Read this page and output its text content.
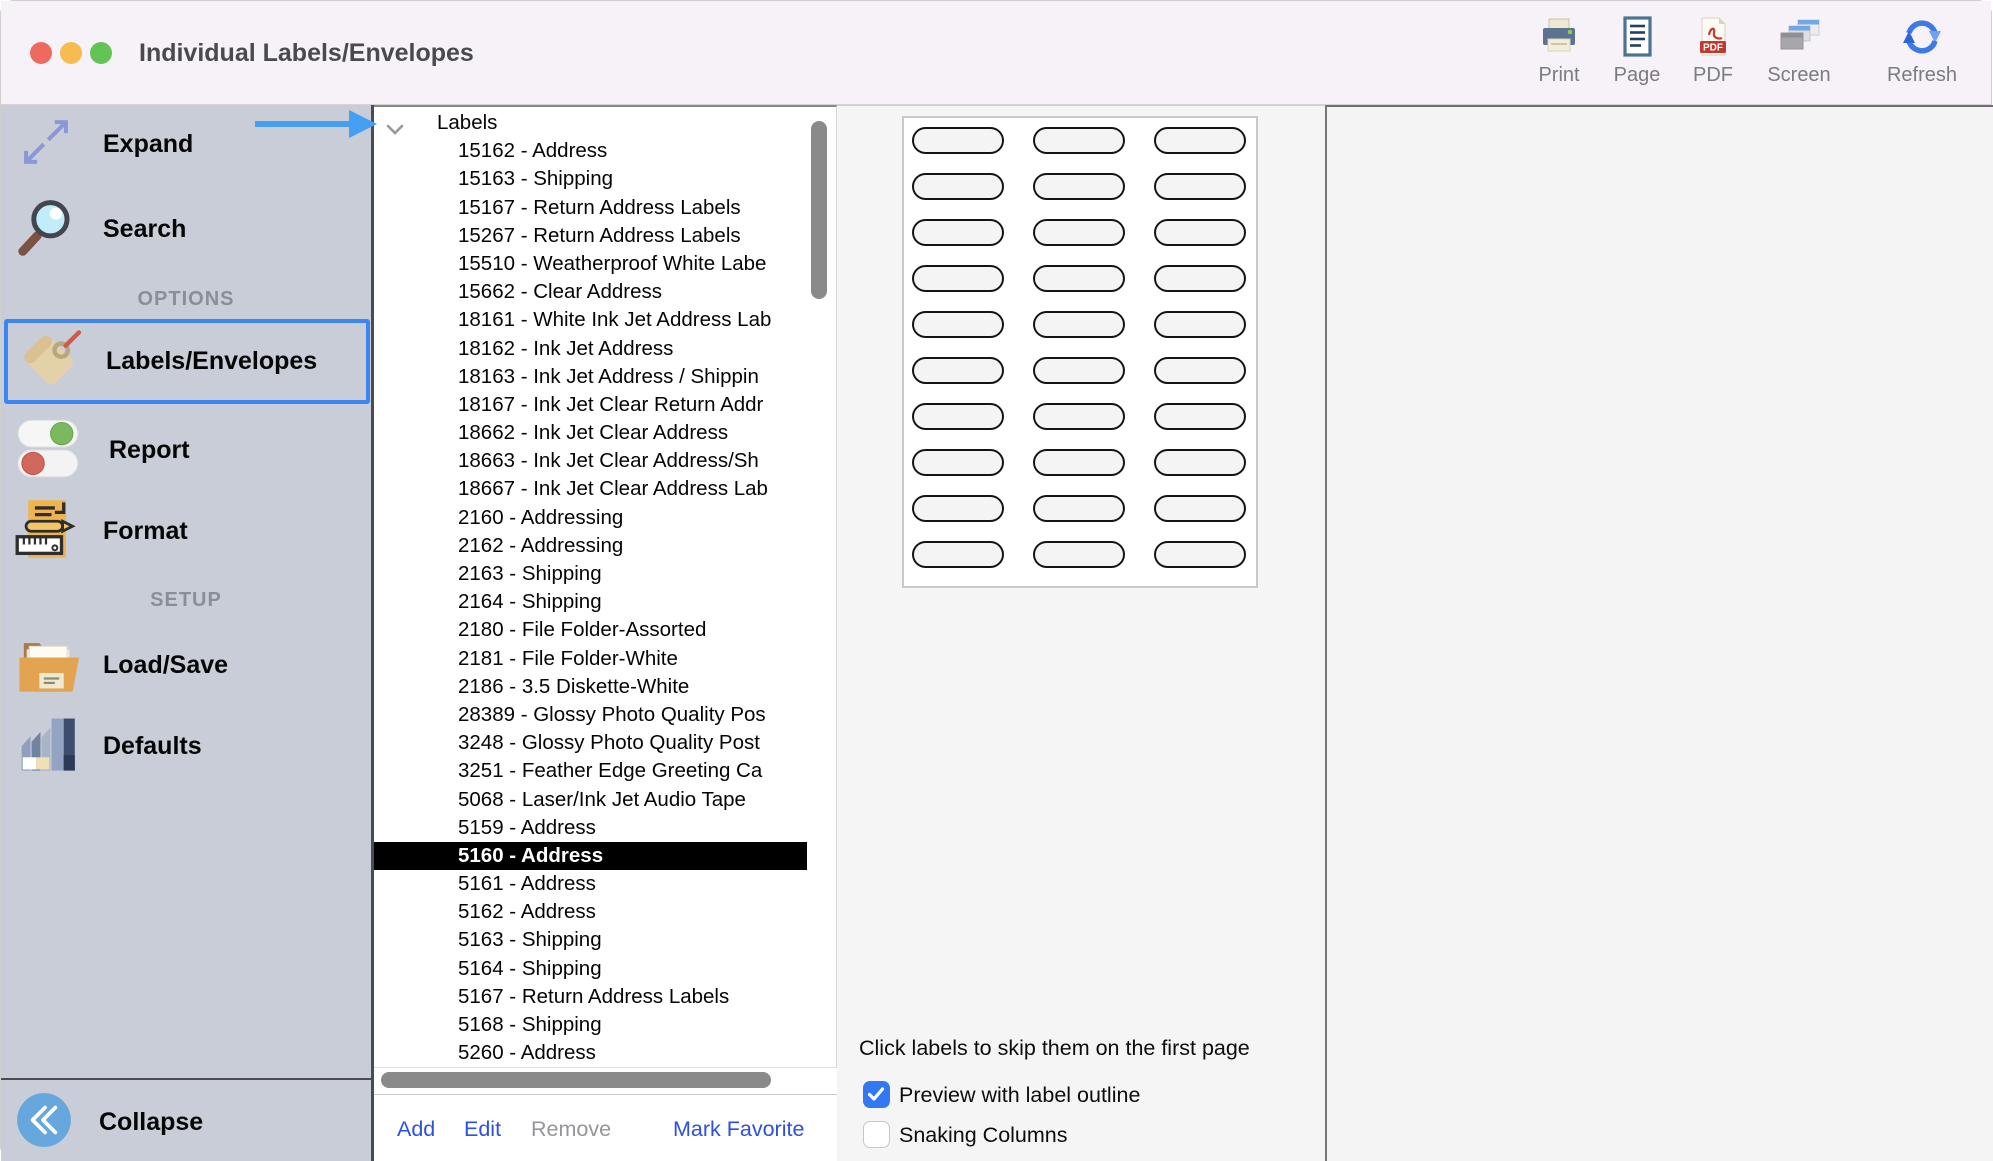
Individual Labels/Envelopes
Print Page
PDF
PDF Screen	Refresh
Expand
Search
OPTIONS
Labels/Envelopes
Report
Format
SETUP
Load/Save
Defaults
Collapse
Labels
15162 - Address
15163 - Shipping
15167 - Return Address Labels
15267 - Return Address Labels
15510 - Weatherproof White Labe
15662 - Clear Address
18161 - White Ink Jet Address Lab
18162 - Ink Jet Address
18163 - Ink Jet Address / Shippin
18167 - Ink Jet Clear Return Addr
18662 - Ink Jet Clear Address
18663 - Ink Jet Clear Address/Sh
18667 - Ink Jet Clear Address Lab
2160 - Addressing
2162 - Addressing
2163 - Shipping
2164 - Shipping
2180 - File Folder-Assorted
2181 - File Folder-White
2186 - 3.5 Diskette-White
28389 - Glossy Photo Quality Pos
3248 - Glossy Photo Quality Post
3251 - Feather Edge Greeting Ca
5068 - Laser/Ink Jet Audio Tape
5159 - Address
5160 - Address
5161 - Address
5162 - Address
5163 - Shipping
5164 - Shipping
5167 - Return Address Labels
5168 - Shipping
5260 - Address
Add Edit Remove	Mark Favorite
Click labels to skip them on the first page
Preview with label outline
Snaking Columns
